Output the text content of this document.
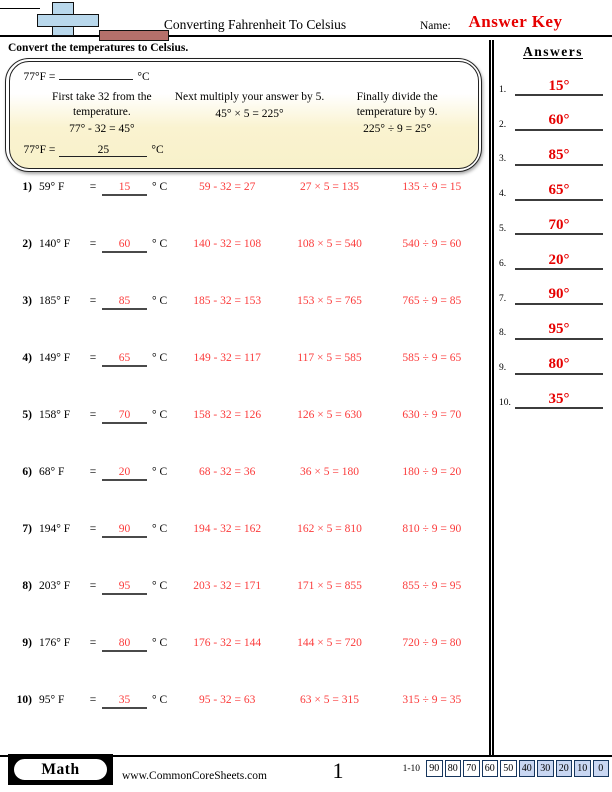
Converting Fahrenheit To Celsius	Name:	Answer Key
Convert the temperatures to Celsius.
77°F =	°C
First take 32 from the temperature.
77° - 32 = 45°
Next multiply your answer by 5.
45° × 5 = 225°
Finally divide the temperature by 9.
225° ÷ 9 = 25°
77°F =	25	°C
1) 59° F	=	15	° C	59 - 32 = 27	27 × 5 = 135	135 ÷ 9 = 15
2) 140° F	=	60	° C	140 - 32 = 108	108 × 5 = 540	540 ÷ 9 = 60
3) 185° F	=	85	° C	185 - 32 = 153	153 × 5 = 765	765 ÷ 9 = 85
4) 149° F	=	65	° C	149 - 32 = 117	117 × 5 = 585	585 ÷ 9 = 65
5) 158° F	=	70	° C	158 - 32 = 126	126 × 5 = 630	630 ÷ 9 = 70
6) 68° F	=	20	° C	68 - 32 = 36	36 × 5 = 180	180 ÷ 9 = 20
7) 194° F	=	90	° C	194 - 32 = 162	162 × 5 = 810	810 ÷ 9 = 90
8) 203° F	=	95	° C	203 - 32 = 171	171 × 5 = 855	855 ÷ 9 = 95
9) 176° F	=	80	° C	176 - 32 = 144	144 × 5 = 720	720 ÷ 9 = 80
10) 95° F	=	35	° C	95 - 32 = 63	63 × 5 = 315	315 ÷ 9 = 35
Answers
1.	15°
2.	60°
3.	85°
4.	65°
5.	70°
6.	20°
7.	90°
8.	95°
9.	80°
10.	35°
Math	www.CommonCoreSheets.com	1	1-10 90 80 70 60 50 40 30 20 10	0
